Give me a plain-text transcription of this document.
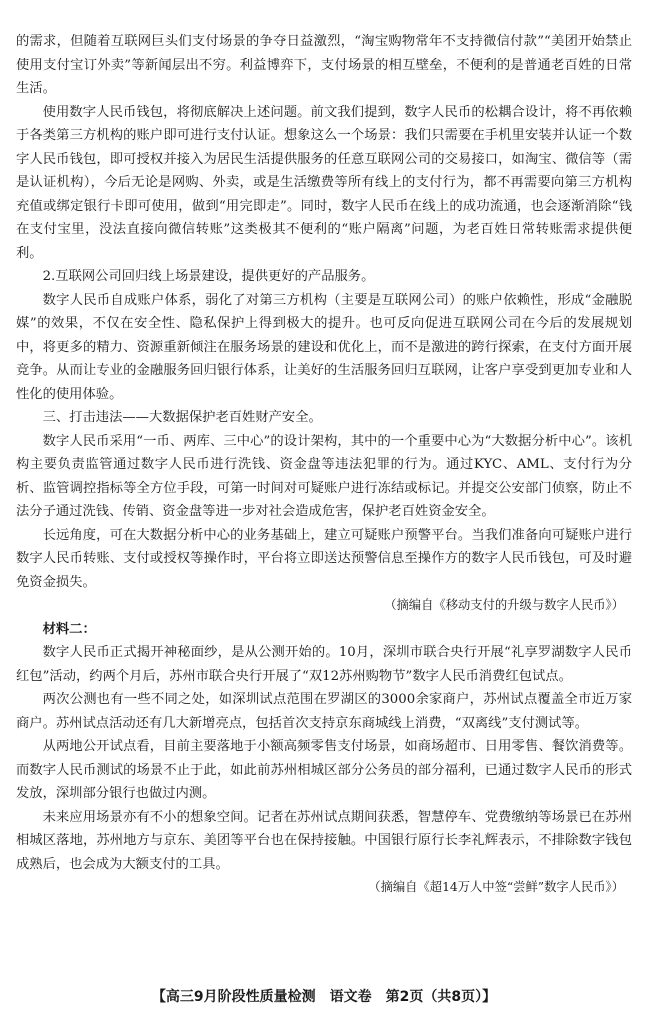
的需求，但随着互联网巨头们支付场景的争夺日益激烈，“淘宝购物常年不支持微信付款”“美团开始禁止使用支付宝订外卖”等新闻层出不穷。利益博弈下，支付场景的相互壁垒，不便利的是普通老百姓的日常生活。

使用数字人民币钱包，将彻底解决上述问题。前文我们提到，数字人民币的松耦合设计，将不再依赖于各类第三方机构的账户即可进行支付认证。想象这么一个场景：我们只需要在手机里安装并认证一个数字人民币钱包，即可授权并接入为居民生活提供服务的任意互联网公司的交易接口，如淘宝、微信等（需是认证机构），今后无论是网购、外卖，或是生活缴费等所有线上的支付行为，都不再需要向第三方机构充值或绑定银行卡即可使用，做到“用完即走”。同时，数字人民币在线上的成功流通，也会逐渐消除“钱在支付宝里，没法直接向微信转账”这类极其不便利的“账户隔离”问题，为老百姓日常转账需求提供便利。

2.互联网公司回归线上场景建设，提供更好的产品服务。

数字人民币自成账户体系，弱化了对第三方机构（主要是互联网公司）的账户依赖性，形成“金融脱媒”的效果，不仅在安全性、隐私保护上得到极大的提升。也可反向促进互联网公司在今后的发展规划中，将更多的精力、资源重新倾注在服务场景的建设和优化上，而不是激进的跨行探索，在支付方面开展竞争。从而让专业的金融服务回归银行体系，让美好的生活服务回归互联网，让客户享受到更加专业和人性化的使用体验。

三、打击违法——大数据保护老百姓财产安全。

数字人民币采用“一币、两库、三中心”的设计架构，其中的一个重要中心为“大数据分析中心”。该机构主要负责监管通过数字人民币进行洗钱、资金盘等违法犯罪的行为。通过KYC、AML、支付行为分析、监管调控指标等全方位手段，可第一时间对可疑账户进行冻结或标记。并提交公安部门侦察，防止不法分子通过洗钱、传销、资金盘等进一步对社会造成危害，保护老百姓资金安全。

长远角度，可在大数据分析中心的业务基础上，建立可疑账户预警平台。当我们准备向可疑账户进行数字人民币转账、支付或授权等操作时，平台将立即送达预警信息至操作方的数字人民币钱包，可及时避免资金损失。

（摘编自《移动支付的升级与数字人民币》）

材料二：

数字人民币正式揭开神秘面纱，是从公测开始的。10月，深圳市联合央行开展“礼享罗湖数字人民币红包”活动，约两个月后，苏州市联合央行开展了“双12苏州购物节”数字人民币消费红包试点。

两次公测也有一些不同之处，如深圳试点范围在罗湖区的3000余家商户，苏州试点覆盖全市近万家商户。苏州试点活动还有几大新增亮点，包括首次支持京东商城线上消费，“双离线”支付测试等。

从两地公开试点看，目前主要落地于小额高频零售支付场景，如商场超市、日用零售、餐饮消费等。而数字人民币测试的场景不止于此，如此前苏州相城区部分公务员的部分福利，已通过数字人民币的形式发放，深圳部分银行也做过内测。

未来应用场景亦有不小的想象空间。记者在苏州试点期间获悉，智慧停车、党费缴纳等场景已在苏州相城区落地，苏州地方与京东、美团等平台也在保持接触。中国银行原行长李礼辉表示，不排除数字钱包成熟后，也会成为大额支付的工具。

（摘编自《超14万人中签“尝鲜”数字人民币》）

【高三9月阶段性质量检测　语文卷　第2页（共8页）】
